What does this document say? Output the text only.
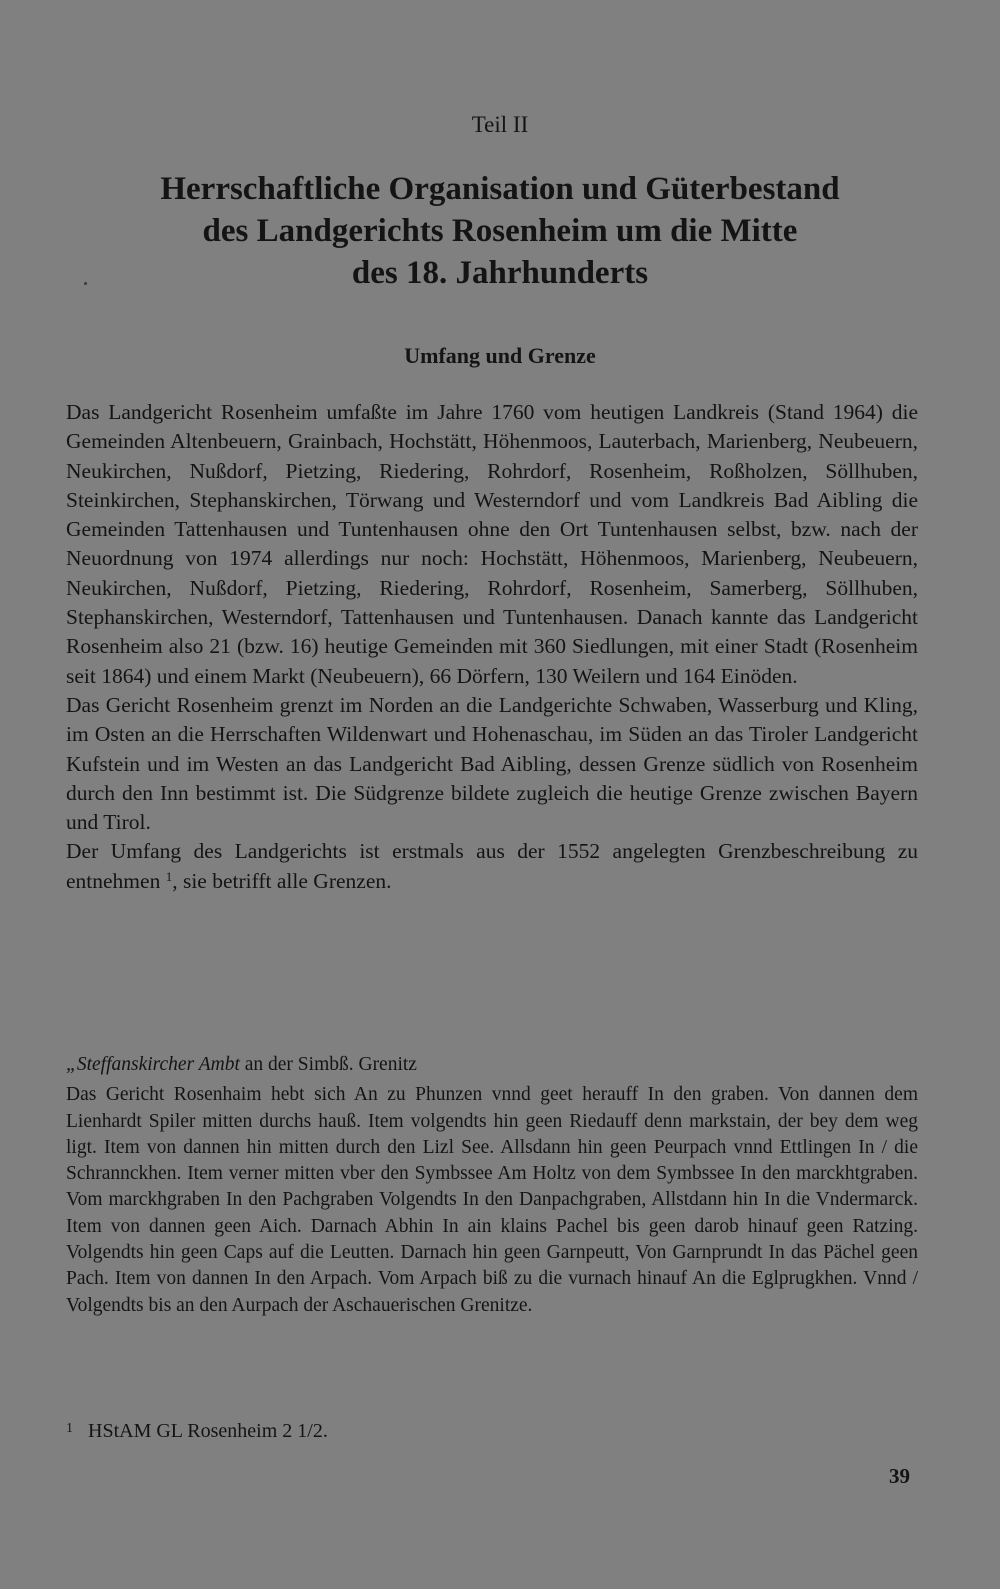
Teil II
Herrschaftliche Organisation und Güterbestand
des Landgerichts Rosenheim um die Mitte
des 18. Jahrhunderts
Umfang und Grenze

Das Landgericht Rosenheim umfaßte im Jahre 1760 vom heutigen Landkreis (Stand 1964) die Gemeinden Altenbeuern, Grainbach, Hochstätt, Höhenmoos, Lauterbach, Marienberg, Neubeuern, Neukirchen, Nußdorf, Pietzing, Riedering, Rohrdorf, Rosenheim, Roßholzen, Söllhuben, Steinkirchen, Stephanskirchen, Törwang und Westerndorf und vom Landkreis Bad Aibling die Gemeinden Tattenhausen und Tuntenhausen ohne den Ort Tuntenhausen selbst, bzw. nach der Neuordnung von 1974 allerdings nur noch: Hochstätt, Höhenmoos, Marienberg, Neubeuern, Neukirchen, Nußdorf, Pietzing, Riedering, Rohrdorf, Rosenheim, Samerberg, Söllhuben, Stephanskirchen, Westerndorf, Tattenhausen und Tuntenhausen. Danach kannte das Landgericht Rosenheim also 21 (bzw. 16) heutige Gemeinden mit 360 Siedlungen, mit einer Stadt (Rosenheim seit 1864) und einem Markt (Neubeuern), 66 Dörfern, 130 Weilern und 164 Einöden.

Das Gericht Rosenheim grenzt im Norden an die Landgerichte Schwaben, Wasserburg und Kling, im Osten an die Herrschaften Wildenwart und Hohenaschau, im Süden an das Tiroler Landgericht Kufstein und im Westen an das Landgericht Bad Aibling, dessen Grenze südlich von Rosenheim durch den Inn bestimmt ist. Die Südgrenze bildete zugleich die heutige Grenze zwischen Bayern und Tirol.

Der Umfang des Landgerichts ist erstmals aus der 1552 angelegten Grenzbeschreibung zu entnehmen $^1$, sie betrifft alle Grenzen.

„Steffanskircher Ambt an der Simbß. Grenitz

Das Gericht Rosenhaim hebt sich An zu Phunzen vnnd geet herauff In den graben. Von dannen dem Lienhardt Spiler mitten durchs hauß. Item volgendts hin geen Riedauff denn markstain, der bey dem weg ligt. Item von dannen hin mitten durch den Lizl See. Allsdann hin geen Peurpach vnnd Ettlingen In / die Schrannckhen. Item verner mitten vber den Symbssee Am Holtz von dem Symbssee In den marckhtgraben. Vom marckhgraben In den Pachgraben Volgendts In den Danpachgraben, Allstdann hin In die Vndermarck. Item von dannen geen Aich. Darnach Abhin In ain klains Pachel bis geen darob hinauf geen Ratzing. Volgendts hin geen Caps auf die Leutten. Darnach hin geen Garnpeutt, Von Garnprundt In das Pächel geen Pach. Item von dannen In den Arpach. Vom Arpach biß zu die vurnach hinauf An die Eglprugkhen. Vnnd / Volgendts bis an den Aurpach der Aschauerischen Grenitze.

1 HStAM GL Rosenheim 2 1/2.
39
